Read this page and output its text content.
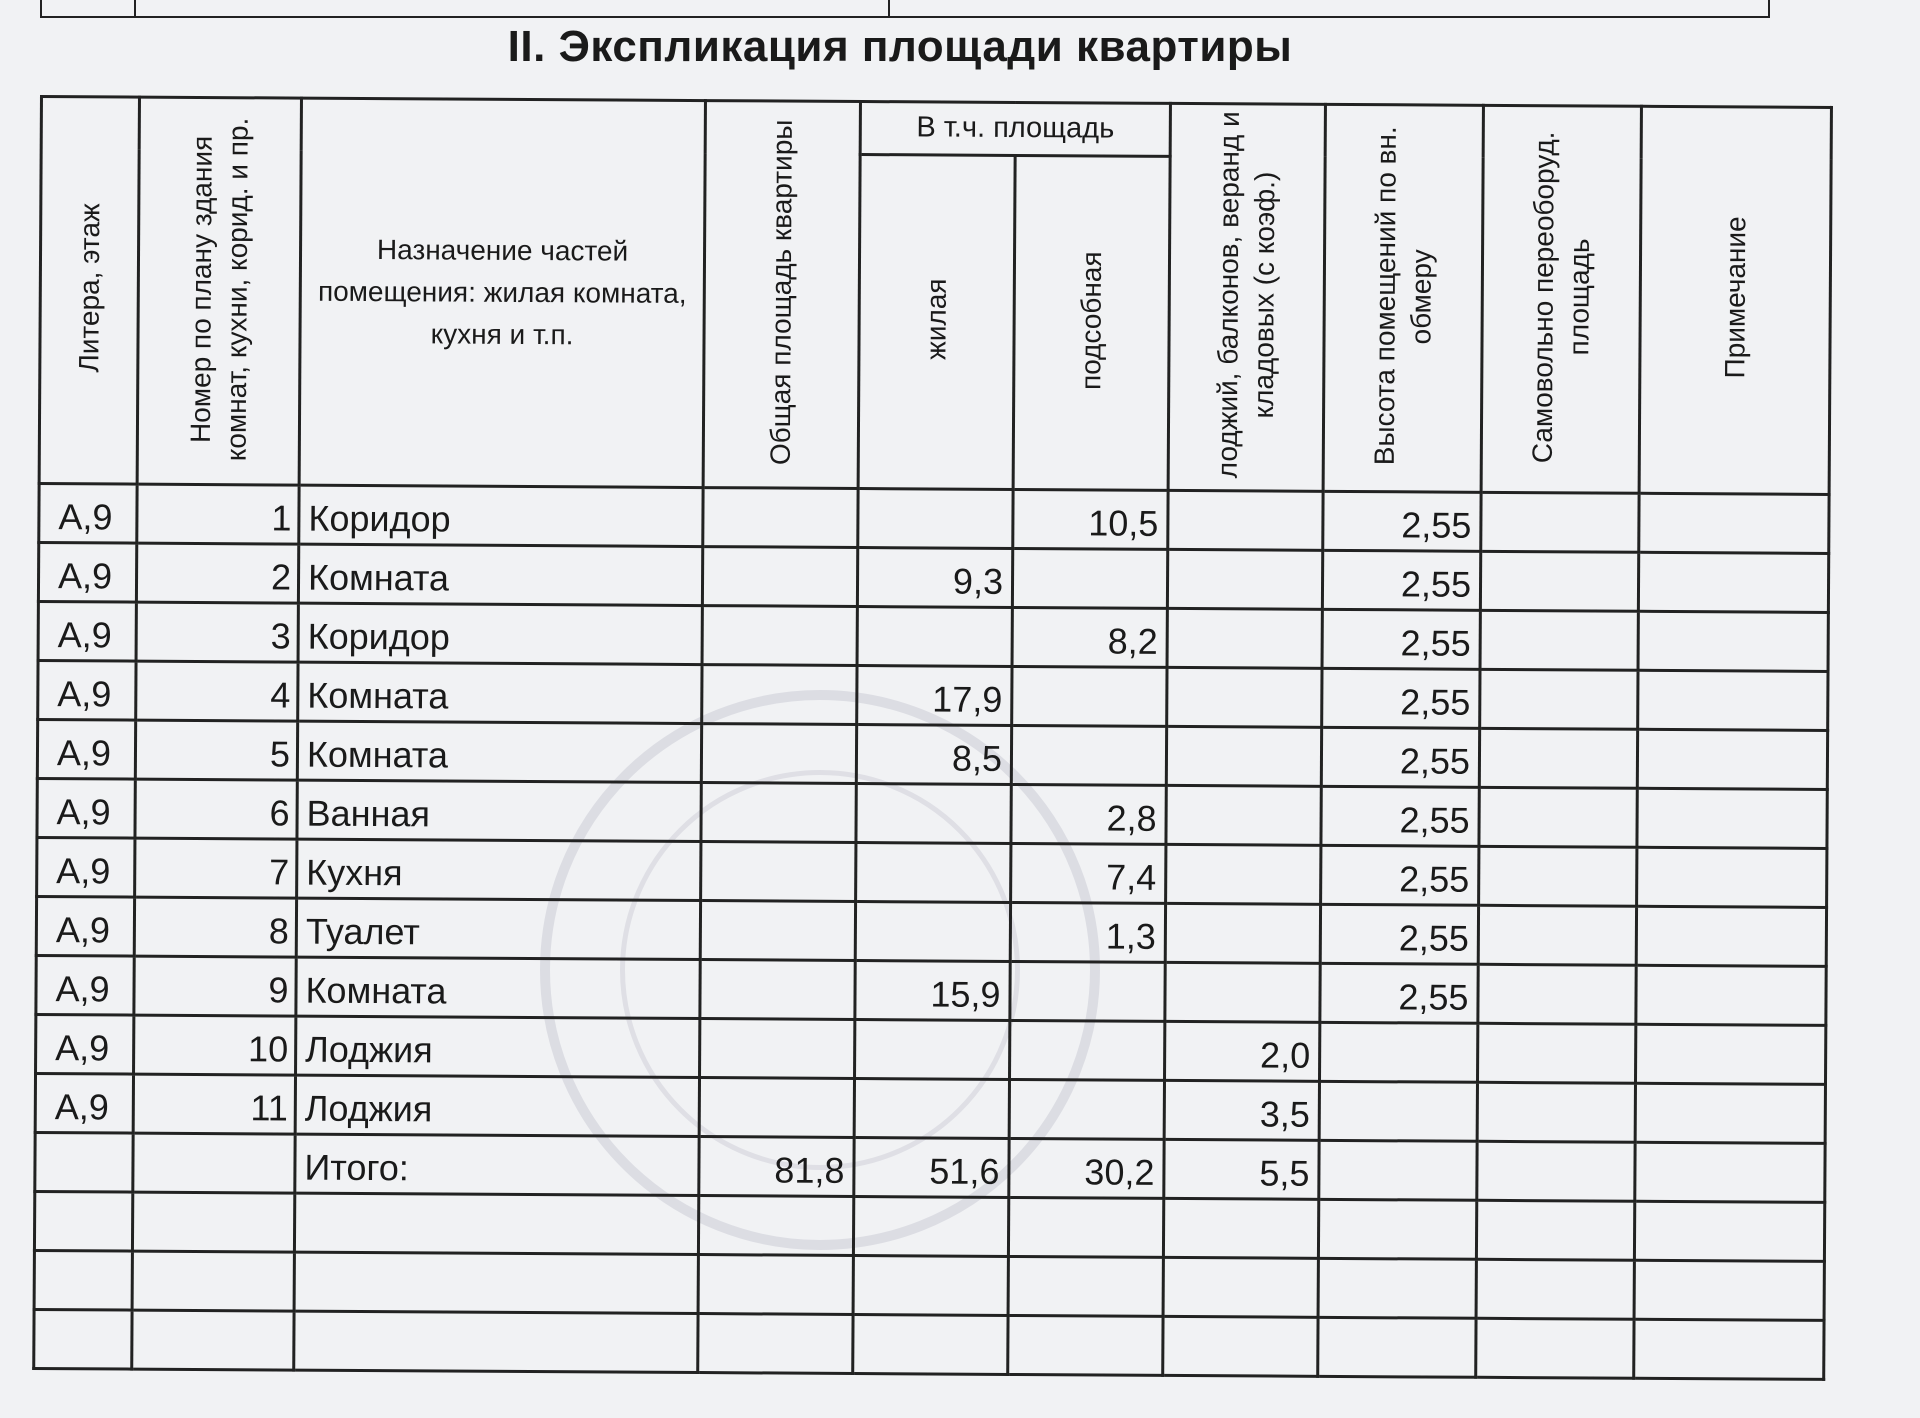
II. Экспликация площади квартиры
Литера, этаж	Номер по плану здания комнат, кухни, корид. и пр.	Назначение частей помещения: жилая комната, кухня и т.п.	Общая площадь квартиры	В т.ч. площадь		лоджий, балконов, веранд и кладовых (с коэф.)	Высота помещений по вн. обмеру	Самовольно переоборуд. площадь	Примечание
				жилая	подсобная				
А,9	1	Коридор			10,5		2,55		
А,9	2	Комната		9,3			2,55		
А,9	3	Коридор			8,2		2,55		
А,9	4	Комната		17,9			2,55		
А,9	5	Комната		8,5			2,55		
А,9	6	Ванная			2,8		2,55		
А,9	7	Кухня			7,4		2,55		
А,9	8	Туалет			1,3		2,55		
А,9	9	Комната		15,9			2,55		
А,9	10	Лоджия				2,0			
А,9	11	Лоджия				3,5			
		Итого:	81,8	51,6	30,2	5,5			
